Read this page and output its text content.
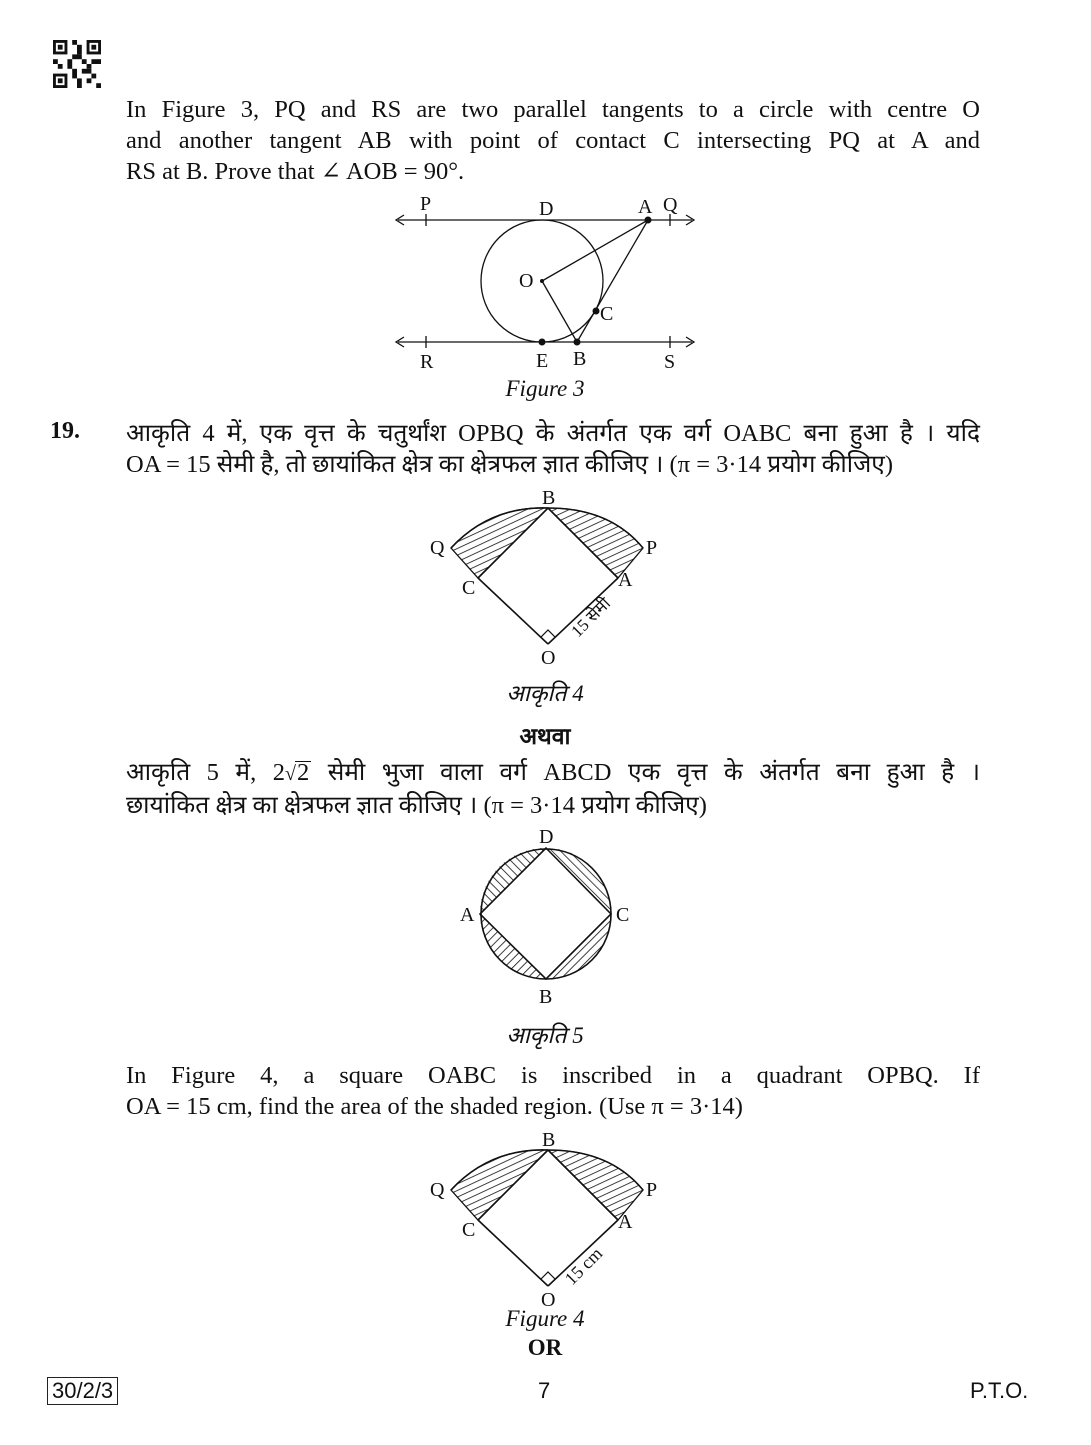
In Figure 3, PQ and RS are two parallel tangents to a circle with centre O
and another tangent AB with point of contact C intersecting PQ at A and
RS at B. Prove that ∠ AOB = 90°.
P	D	A Q
O
C
R	E B	S
Figure 3
19. आकृति 4 में, एक वृत्त के चतुर्थांश OPBQ के अंतर्गत एक वर्ग OABC बना हुआ है । यदि
OA = 15 सेमी है, तो छायांकित क्षेत्र का क्षेत्रफल ज्ञात कीजिए । (π = 3·14 प्रयोग कीजिए)
B
Q	P
C	A
O
15 सेमी
आकृति 4
अथवा
आकृति 5 में, 2√2 सेमी भुजा वाला वर्ग ABCD एक वृत्त के अंतर्गत बना हुआ है ।
छायांकित क्षेत्र का क्षेत्रफल ज्ञात कीजिए । (π = 3·14 प्रयोग कीजिए)
D
A	C
B
आकृति 5
In Figure 4, a square OABC is inscribed in a quadrant OPBQ. If
OA = 15 cm, find the area of the shaded region. (Use π = 3·14)
B
Q	P
C	A
O
15 cm
Figure 4
OR
30/2/3	7	P.T.O.
